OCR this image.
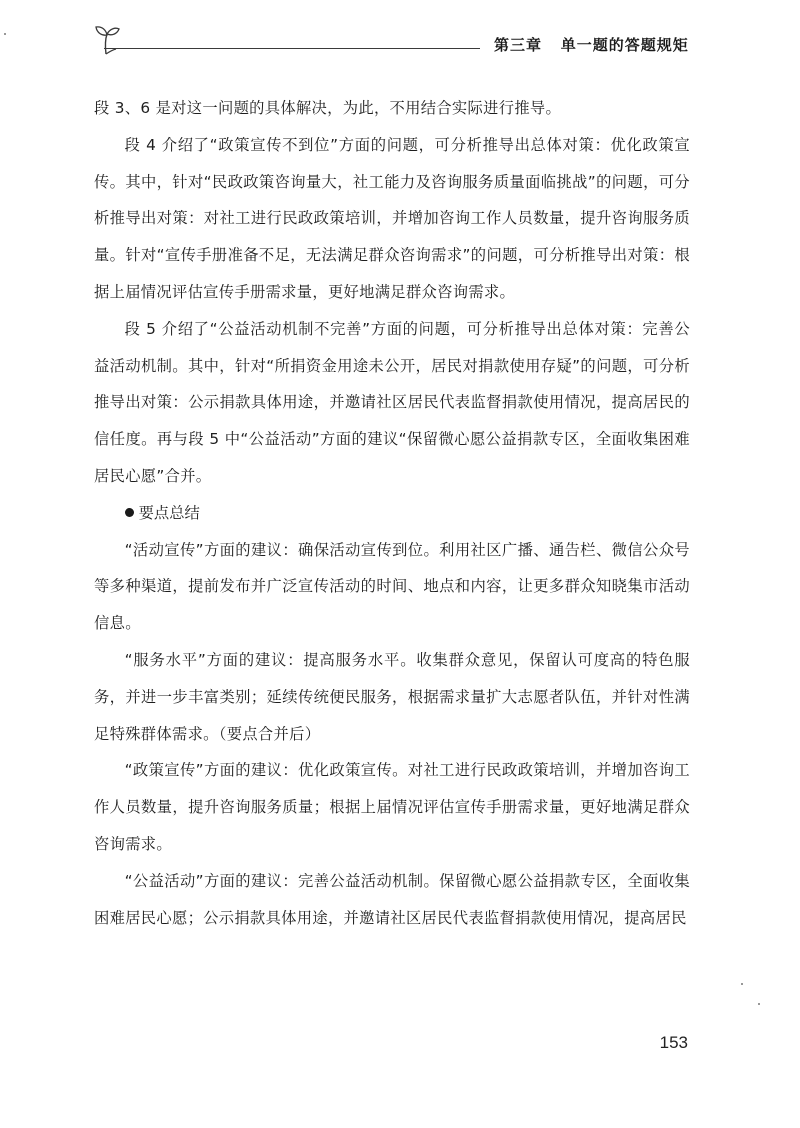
第三章 单一题的答题规矩

段 3、6 是对这一问题的具体解决，为此，不用结合实际进行推导。

段 4 介绍了“政策宣传不到位”方面的问题，可分析推导出总体对策：优化政策宣传。其中，针对“民政政策咨询量大，社工能力及咨询服务质量面临挑战”的问题，可分析推导出对策：对社工进行民政政策培训，并增加咨询工作人员数量，提升咨询服务质量。针对“宣传手册准备不足，无法满足群众咨询需求”的问题，可分析推导出对策：根据上届情况评估宣传手册需求量，更好地满足群众咨询需求。

段 5 介绍了“公益活动机制不完善”方面的问题，可分析推导出总体对策：完善公益活动机制。其中，针对“所捐资金用途未公开，居民对捐款使用存疑”的问题，可分析推导出对策：公示捐款具体用途，并邀请社区居民代表监督捐款使用情况，提高居民的信任度。再与段 5 中“公益活动”方面的建议“保留微心愿公益捐款专区，全面收集困难居民心愿”合并。

要点总结

“活动宣传”方面的建议：确保活动宣传到位。利用社区广播、通告栏、微信公众号等多种渠道，提前发布并广泛宣传活动的时间、地点和内容，让更多群众知晓集市活动信息。

“服务水平”方面的建议：提高服务水平。收集群众意见，保留认可度高的特色服务，并进一步丰富类别；延续传统便民服务，根据需求量扩大志愿者队伍，并针对性满足特殊群体需求。（要点合并后）

“政策宣传”方面的建议：优化政策宣传。对社工进行民政政策培训，并增加咨询工作人员数量，提升咨询服务质量；根据上届情况评估宣传手册需求量，更好地满足群众咨询需求。

“公益活动”方面的建议：完善公益活动机制。保留微心愿公益捐款专区，全面收集困难居民心愿；公示捐款具体用途，并邀请社区居民代表监督捐款使用情况，提高居民

153
